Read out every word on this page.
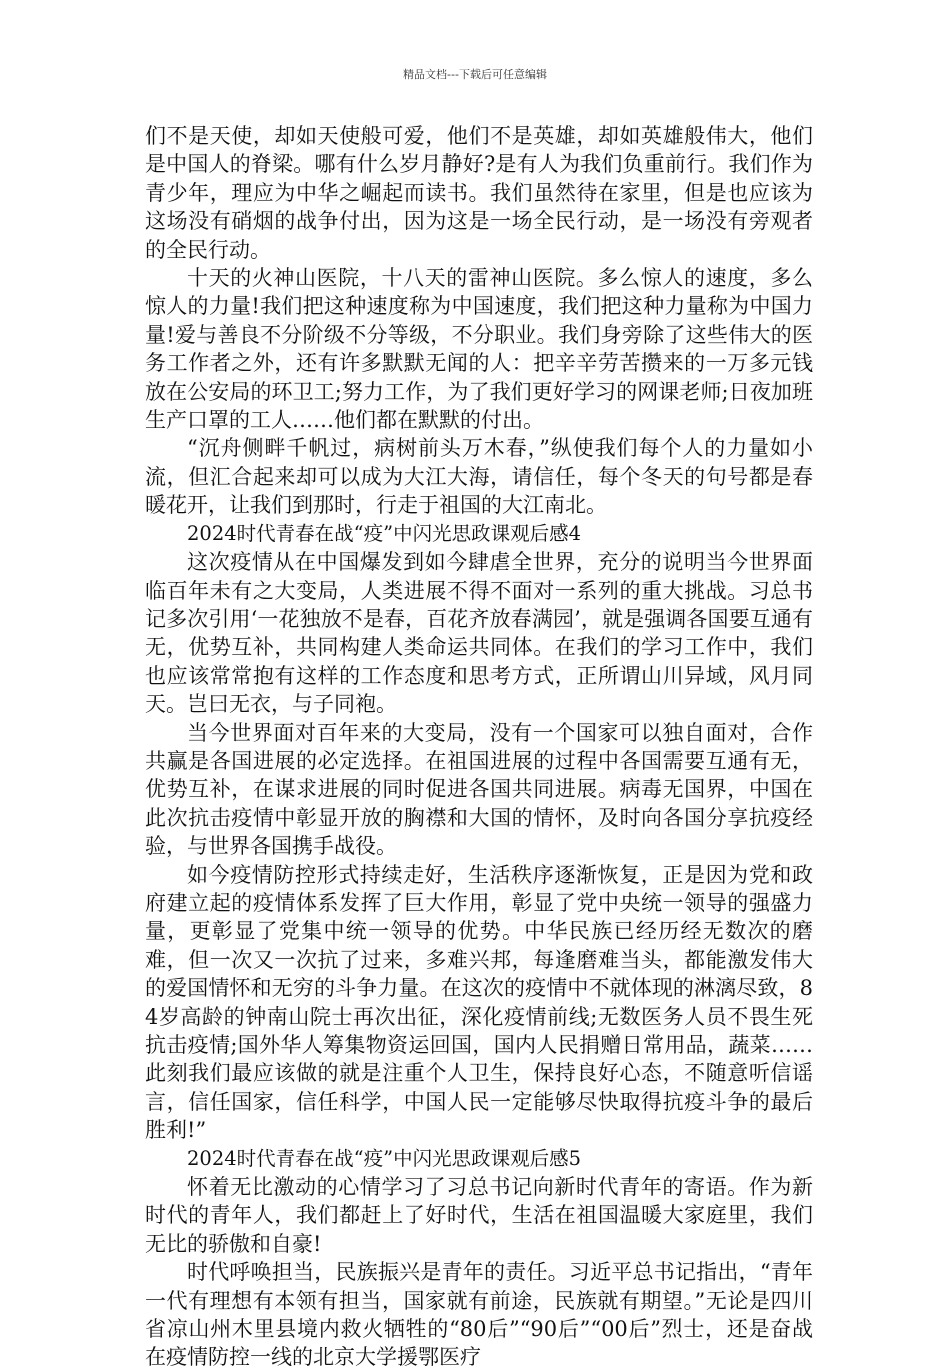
精品文档---下载后可任意编辑

们不是天使，却如天使般可爱，他们不是英雄，却如英雄般伟大，他们是中国人的脊梁。哪有什么岁月静好?是有人为我们负重前行。我们作为青少年，理应为中华之崛起而读书。我们虽然待在家里，但是也应该为这场没有硝烟的战争付出，因为这是一场全民行动，是一场没有旁观者的全民行动。

十天的火神山医院，十八天的雷神山医院。多么惊人的速度，多么惊人的力量!我们把这种速度称为中国速度，我们把这种力量称为中国力量!爱与善良不分阶级不分等级，不分职业。我们身旁除了这些伟大的医务工作者之外，还有许多默默无闻的人：把辛辛劳苦攒来的一万多元钱放在公安局的环卫工;努力工作，为了我们更好学习的网课老师;日夜加班生产口罩的工人……他们都在默默的付出。

“沉舟侧畔千帆过，病树前头万木春，”纵使我们每个人的力量如小流，但汇合起来却可以成为大江大海，请信任，每个冬天的句号都是春暖花开，让我们到那时，行走于祖国的大江南北。

2024时代青春在战“疫”中闪光思政课观后感4

这次疫情从在中国爆发到如今肆虐全世界，充分的说明当今世界面临百年未有之大变局，人类进展不得不面对一系列的重大挑战。习总书记多次引用‘一花独放不是春，百花齐放春满园’，就是强调各国要互通有无，优势互补，共同构建人类命运共同体。在我们的学习工作中，我们也应该常常抱有这样的工作态度和思考方式，正所谓山川异域，风月同天。岂曰无衣，与子同袍。

当今世界面对百年来的大变局，没有一个国家可以独自面对，合作共赢是各国进展的必定选择。在祖国进展的过程中各国需要互通有无，优势互补，在谋求进展的同时促进各国共同进展。病毒无国界，中国在此次抗击疫情中彰显开放的胸襟和大国的情怀，及时向各国分享抗疫经验，与世界各国携手战役。

如今疫情防控形式持续走好，生活秩序逐渐恢复，正是因为党和政府建立起的疫情体系发挥了巨大作用，彰显了党中央统一领导的强盛力量，更彰显了党集中统一领导的优势。中华民族已经历经无数次的磨难，但一次又一次抗了过来，多难兴邦，每逢磨难当头，都能激发伟大的爱国情怀和无穷的斗争力量。在这次的疫情中不就体现的淋漓尽致，84岁高龄的钟南山院士再次出征，深化疫情前线;无数医务人员不畏生死抗击疫情;国外华人筹集物资运回国，国内人民捐赠日常用品，蔬菜……此刻我们最应该做的就是注重个人卫生，保持良好心态，不随意听信谣言，信任国家，信任科学，中国人民一定能够尽快取得抗疫斗争的最后胜利!”

2024时代青春在战“疫”中闪光思政课观后感5

怀着无比激动的心情学习了习总书记向新时代青年的寄语。作为新时代的青年人，我们都赶上了好时代，生活在祖国温暖大家庭里，我们无比的骄傲和自豪!

时代呼唤担当，民族振兴是青年的责任。习近平总书记指出，“青年一代有理想有本领有担当，国家就有前途，民族就有期望。”无论是四川省凉山州木里县境内救火牺牲的“80后”“90后”“00后”烈士，还是奋战在疫情防控一线的北京大学援鄂医疗
